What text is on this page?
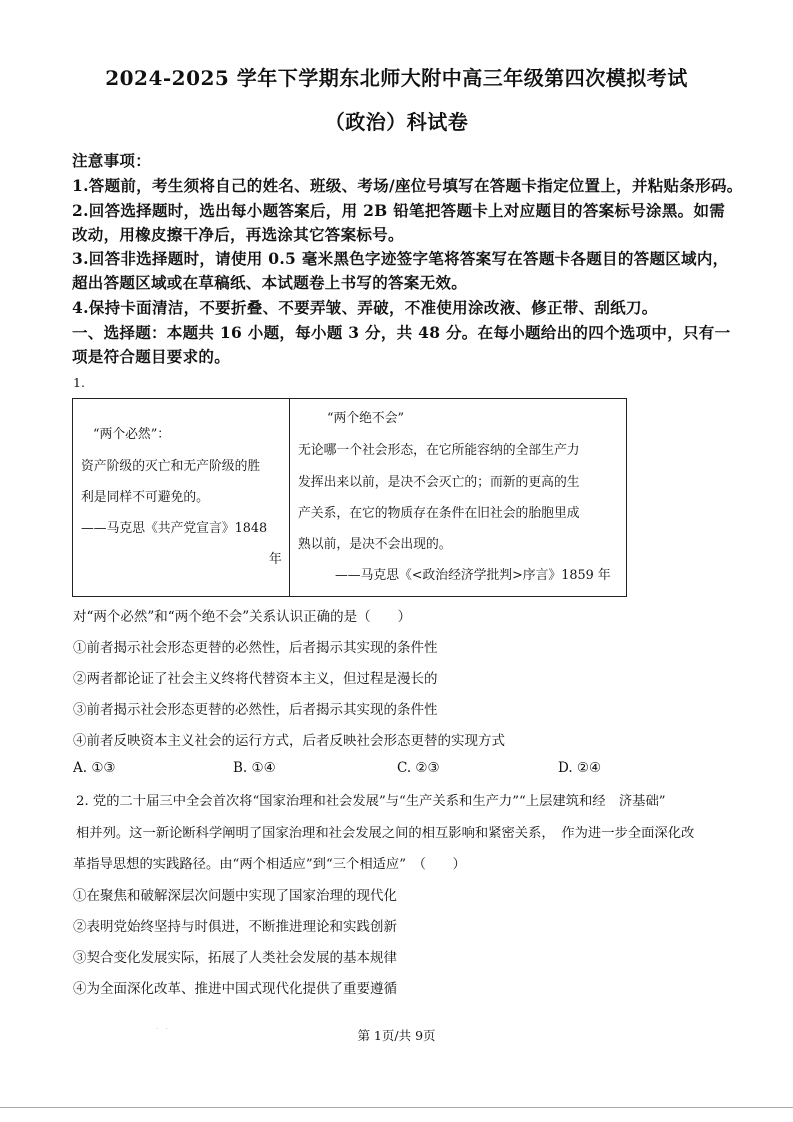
2024-2025 学年下学期东北师大附中高三年级第四次模拟考试
（政治）科试卷
注意事项：
1.答题前，考生须将自己的姓名、班级、考场/座位号填写在答题卡指定位置上，并粘贴条形码。
2.回答选择题时，选出每小题答案后，用 2B 铅笔把答题卡上对应题目的答案标号涂黑。如需
改动，用橡皮擦干净后，再选涂其它答案标号。
3.回答非选择题时，请使用 0.5 毫米黑色字迹签字笔将答案写在答题卡各题目的答题区域内，
超出答题区域或在草稿纸、本试题卷上书写的答案无效。
4.保持卡面清洁，不要折叠、不要弄皱、弄破，不准使用涂改液、修正带、刮纸刀。
一、选择题：本题共 16 小题，每小题 3 分，共 48 分。在每小题给出的四个选项中，只有一
项是符合题目要求的。
1.
“两个必然”：
资产阶级的灭亡和无产阶级的胜
利是同样不可避免的。
——马克思《共产党宣言》1848
年
“两个绝不会”
无论哪一个社会形态，在它所能容纳的全部生产力
发挥出来以前，是决不会灭亡的；而新的更高的生
产关系，在它的物质存在条件在旧社会的胎胞里成
熟以前，是决不会出现的。
——马克思《<政治经济学批判>序言》1859 年
对“两个必然”和“两个绝不会”关系认识正确的是（　　）
①前者揭示社会形态更替的必然性，后者揭示其实现的条件性
②两者都论证了社会主义终将代替资本主义，但过程是漫长的
③前者揭示社会形态更替的必然性，后者揭示其实现的条件性
④前者反映资本主义社会的运行方式，后者反映社会形态更替的实现方式
A. ①③	B. ①④	C. ②③	D. ②④
2. 党的二十届三中全会首次将“国家治理和社会发展”与“生产关系和生产力”“上层建筑和经　济基础”
相并列。这一新论断科学阐明了国家治理和社会发展之间的相互影响和紧密关系，　作为进一步全面深化改
革指导思想的实践路径。由“两个相适应”到“三个相适应”　（　　）
①在聚焦和破解深层次问题中实现了国家治理的现代化
②表明党始终坚持与时俱进，不断推进理论和实践创新
③契合变化发展实际，拓展了人类社会发展的基本规律
④为全面深化改革、推进中国式现代化提供了重要遵循
·　·	第 1页/共 9页
